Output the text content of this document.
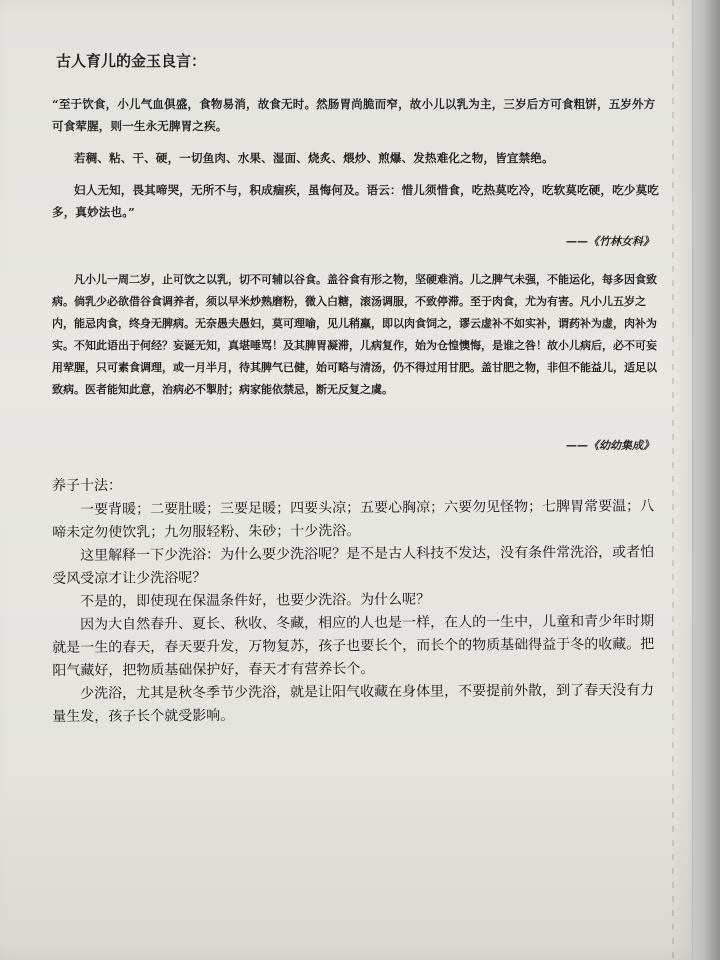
古人育儿的金玉良言：

“至于饮食，小儿气血俱盛，食物易消，故食无时。然肠胃尚脆而窄，故小儿以乳为主，三岁后方可食粗饼，五岁外方可食荤腥，则一生永无脾胃之疾。

若稠、粘、干、硬，一切鱼肉、水果、湿面、烧炙、煨炒、煎爆、发热难化之物，皆宜禁绝。

妇人无知，畏其啼哭，无所不与，积成痼疾，虽悔何及。语云：惜儿须惜食，吃热莫吃冷，吃软莫吃硬，吃少莫吃多，真妙法也。”

——《竹林女科》

凡小儿一周二岁，止可饮之以乳，切不可辅以谷食。盖谷食有形之物，坚硬难消。儿之脾气未强，不能运化，每多因食致病。倘乳少必欲借谷食调养者，须以早米炒熟磨粉，微入白糖，滚汤调服，不致停滞。至于肉食，尤为有害。凡小儿五岁之内，能忌肉食，终身无脾病。无奈愚夫愚妇，莫可理喻，见儿稍羸，即以肉食饲之，谬云虚补不如实补，谓药补为虚，肉补为实。不知此语出于何经？妄诞无知，真堪唾骂！及其脾胃凝滞，儿病复作，始为仓惶懊悔，是谁之咎！故小儿病后，必不可妄用荤腥，只可素食调理，或一月半月，待其脾气已健，始可略与清汤，仍不得过用甘肥。盖甘肥之物，非但不能益儿，适足以致病。医者能知此意，治病必不掣肘；病家能依禁忌，断无反复之虞。

——《幼幼集成》
养子十法：

一要背暖；二要肚暖；三要足暖；四要头凉；五要心胸凉；六要勿见怪物；七脾胃常要温；八啼未定勿使饮乳；九勿服轻粉、朱砂；十少洗浴。

这里解释一下少洗浴：为什么要少洗浴呢？是不是古人科技不发达，没有条件常洗浴，或者怕受风受凉才让少洗浴呢？

不是的，即使现在保温条件好，也要少洗浴。为什么呢？

因为大自然春升、夏长、秋收、冬藏，相应的人也是一样，在人的一生中，儿童和青少年时期就是一生的春天，春天要升发，万物复苏，孩子也要长个，而长个的物质基础得益于冬的收藏。把阳气藏好，把物质基础保护好，春天才有营养长个。

少洗浴，尤其是秋冬季节少洗浴，就是让阳气收藏在身体里，不要提前外散，到了春天没有力量生发，孩子长个就受影响。
